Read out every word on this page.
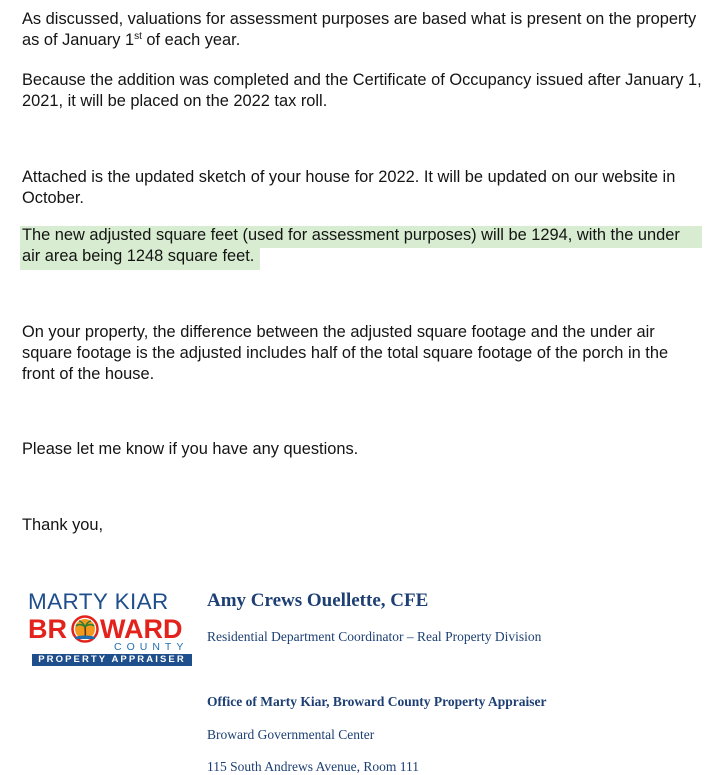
As discussed, valuations for assessment purposes are based what is present on the property as of January 1st of each year.

Because the addition was completed and the Certificate of Occupancy issued after January 1, 2021, it will be placed on the 2022 tax roll.

Attached is the updated sketch of your house for 2022. It will be updated on our website in October.

The new adjusted square feet (used for assessment purposes) will be 1294, with the under air area being 1248 square feet.

On your property, the difference between the adjusted square footage and the under air square footage is the adjusted includes half of the total square footage of the porch in the front of the house.

Please let me know if you have any questions.

Thank you,

MARTY KIAR
BR WARD
COUNTY
PROPERTY APPRAISER
Amy Crews Ouellette, CFE
Residential Department Coordinator – Real Property Division
Office of Marty Kiar, Broward County Property Appraiser
Broward Governmental Center
115 South Andrews Avenue, Room 111
